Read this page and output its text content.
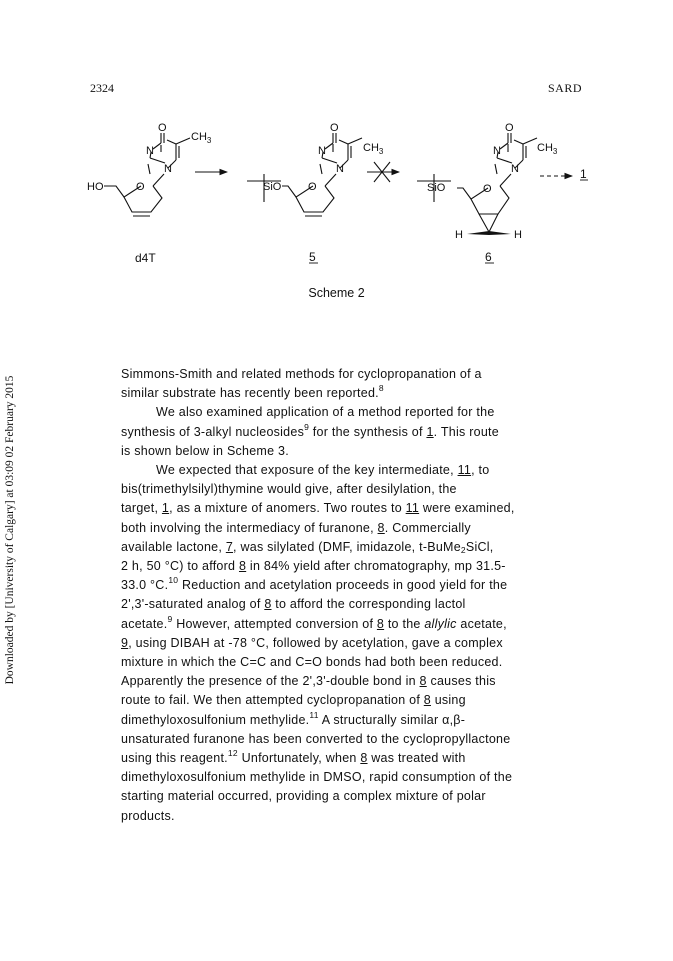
2324	SARD
Downloaded by [University of Calgary] at 03:09 02 February 2015
O
N
N
O
$CH_3$
HO
d4T
O
N
N
O
$CH_3$
SiO
5
O
N
N
O
$CH_3$
SiO
H	H
6
1
Scheme 2

Simmons-Smith and related methods for cyclopropanation of a
similar substrate has recently been reported.$^8$

We also examined application of a method reported for the
synthesis of 3-alkyl nucleosides$^9$ for the synthesis of 1. This route
is shown below in Scheme 3.

We expected that exposure of the key intermediate, 11, to
bis(trimethylsilyl)thymine would give, after desilylation, the
target, 1, as a mixture of anomers. Two routes to 11 were examined,
both involving the intermediacy of furanone, 8. Commercially
available lactone, 7, was silylated (DMF, imidazole, t-BuMe$_2$SiCl,
2 h, 50 °C) to afford 8 in 84% yield after chromatography, mp 31.5-
33.0 °C.$^{10}$ Reduction and acetylation proceeds in good yield for the
2',3'-saturated analog of 8 to afford the corresponding lactol
acetate.$^9$ However, attempted conversion of 8 to the allylic acetate,
9, using DIBAH at -78 °C, followed by acetylation, gave a complex
mixture in which the C=C and C=O bonds had both been reduced.
Apparently the presence of the 2',3'-double bond in 8 causes this
route to fail. We then attempted cyclopropanation of 8 using
dimethyloxosulfonium methylide.$^{11}$ A structurally similar α,β-
unsaturated furanone has been converted to the cyclopropyllactone
using this reagent.$^{12}$ Unfortunately, when 8 was treated with
dimethyloxosulfonium methylide in DMSO, rapid consumption of the
starting material occurred, providing a complex mixture of polar
products.
